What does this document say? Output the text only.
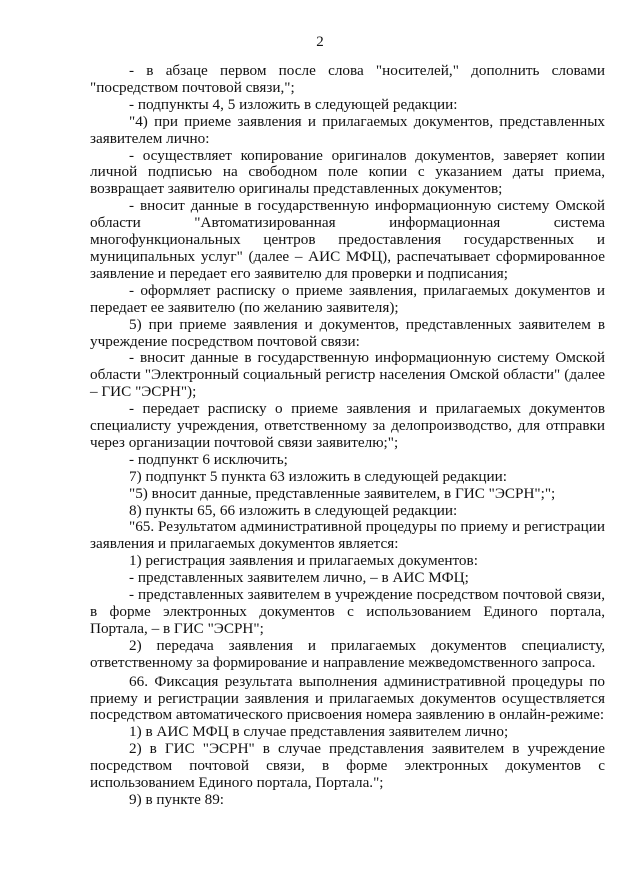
2

- в абзаце первом после слова "носителей," дополнить словами "посредством почтовой связи,";

- подпункты 4, 5 изложить в следующей редакции:

"4) при приеме заявления и прилагаемых документов, представленных заявителем лично:

- осуществляет копирование оригиналов документов, заверяет копии личной подписью на свободном поле копии с указанием даты приема, возвращает заявителю оригиналы представленных документов;

- вносит данные в государственную информационную систему Омской области "Автоматизированная информационная система многофункциональных центров предоставления государственных и муниципальных услуг" (далее – АИС МФЦ), распечатывает сформированное заявление и передает его заявителю для проверки и подписания;

- оформляет расписку о приеме заявления, прилагаемых документов и передает ее заявителю (по желанию заявителя);

5) при приеме заявления и документов, представленных заявителем в учреждение посредством почтовой связи:

- вносит данные в государственную информационную систему Омской области "Электронный социальный регистр населения Омской области" (далее – ГИС "ЭСРН");

- передает расписку о приеме заявления и прилагаемых документов специалисту учреждения, ответственному за делопроизводство, для отправки через организации почтовой связи заявителю;";

- подпункт 6 исключить;

7) подпункт 5 пункта 63 изложить в следующей редакции:

"5) вносит данные, представленные заявителем, в ГИС "ЭСРН";";

8) пункты 65, 66 изложить в следующей редакции:

"65. Результатом административной процедуры по приему и регистрации заявления и прилагаемых документов является:

1) регистрация заявления и прилагаемых документов:

- представленных заявителем лично, – в АИС МФЦ;

- представленных заявителем в учреждение посредством почтовой связи, в форме электронных документов с использованием Единого портала, Портала, – в ГИС "ЭСРН";

2) передача заявления и прилагаемых документов специалисту, ответственному за формирование и направление межведомственного запроса.

66. Фиксация результата выполнения административной процедуры по приему и регистрации заявления и прилагаемых документов осуществляется посредством автоматического присвоения номера заявлению в онлайн-режиме:

1) в АИС МФЦ в случае представления заявителем лично;

2) в ГИС "ЭСРН" в случае представления заявителем в учреждение посредством почтовой связи, в форме электронных документов с использованием Единого портала, Портала.";

9) в пункте 89:
